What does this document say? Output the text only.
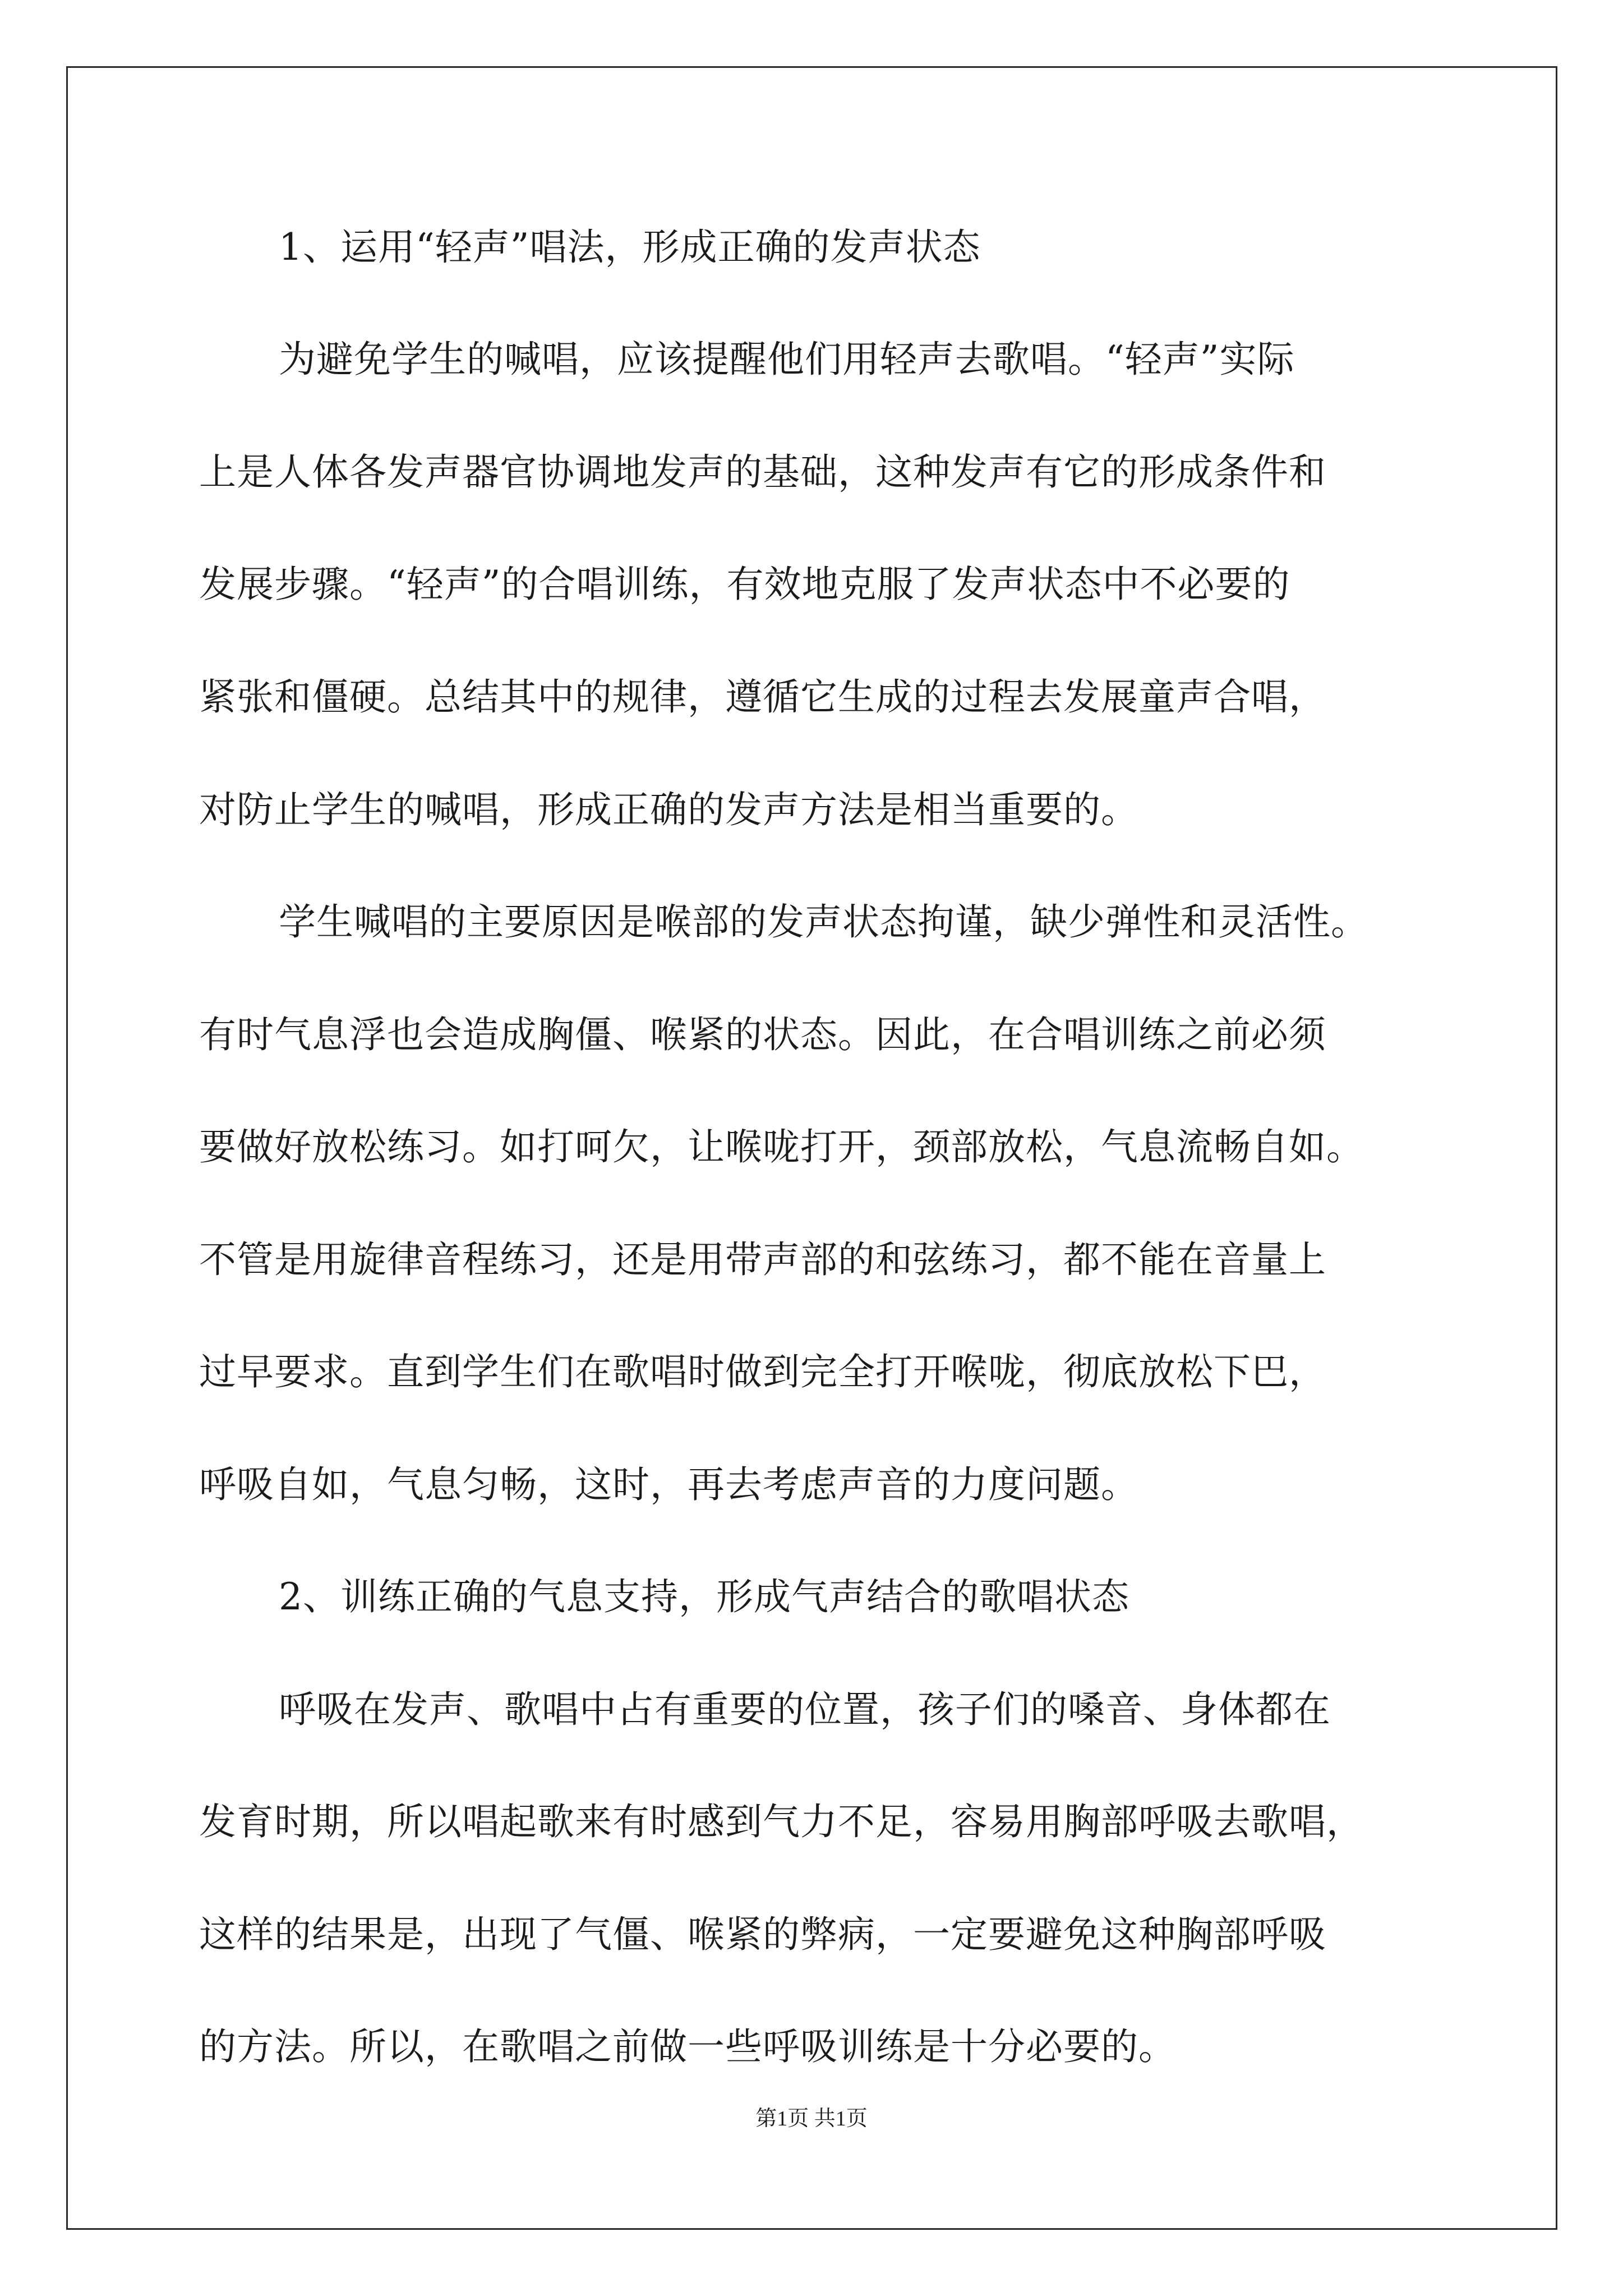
1、运用“轻声”唱法，形成正确的发声状态
为避免学生的喊唱，应该提醒他们用轻声去歌唱。“轻声”实际
上是人体各发声器官协调地发声的基础，这种发声有它的形成条件和
发展步骤。“轻声”的合唱训练，有效地克服了发声状态中不必要的
紧张和僵硬。总结其中的规律，遵循它生成的过程去发展童声合唱，
对防止学生的喊唱，形成正确的发声方法是相当重要的。
学生喊唱的主要原因是喉部的发声状态拘谨，缺少弹性和灵活性。
有时气息浮也会造成胸僵、喉紧的状态。因此，在合唱训练之前必须
要做好放松练习。如打呵欠，让喉咙打开，颈部放松，气息流畅自如。
不管是用旋律音程练习，还是用带声部的和弦练习，都不能在音量上
过早要求。直到学生们在歌唱时做到完全打开喉咙，彻底放松下巴，
呼吸自如，气息匀畅，这时，再去考虑声音的力度问题。
2、训练正确的气息支持，形成气声结合的歌唱状态
呼吸在发声、歌唱中占有重要的位置，孩子们的嗓音、身体都在
发育时期，所以唱起歌来有时感到气力不足，容易用胸部呼吸去歌唱，
这样的结果是，出现了气僵、喉紧的弊病，一定要避免这种胸部呼吸
的方法。所以，在歌唱之前做一些呼吸训练是十分必要的。
第1页 共1页
